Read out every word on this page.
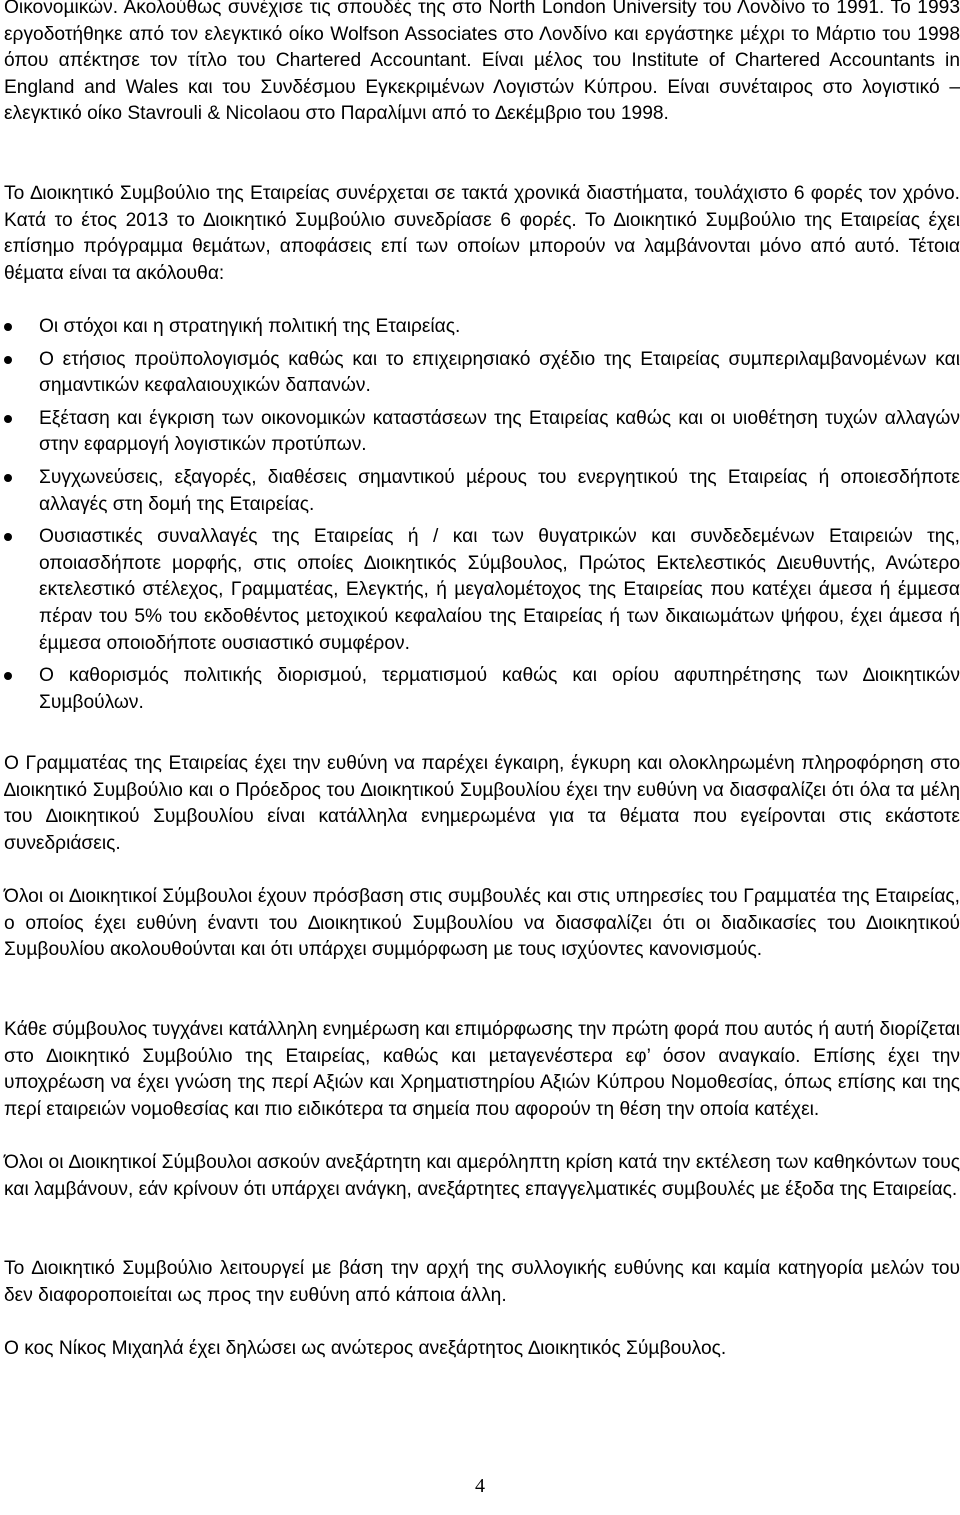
Οικονοµικών. Ακολούθως συνέχισε τις σπουδές της στο North London University του Λονδίνο το 1991. Το 1993 εργοδοτήθηκε από τον ελεγκτικό οίκο Wolfson Associates στο Λονδίνο και εργάστηκε µέχρι το Μάρτιο του 1998 όπου απέκτησε τον τίτλο του Chartered Accountant. Είναι µέλος του Institute of Chartered Accountants in England and Wales και του Συνδέσµου Εγκεκριµένων Λογιστών Κύπρου. Είναι συνέταιρος στο λογιστικό – ελεγκτικό οίκο Stavrouli & Nicolaou στο Παραλίµνι από το ∆εκέµβριο του 1998.

Το ∆ιοικητικό Συµβούλιο της Εταιρείας συνέρχεται σε τακτά χρονικά διαστήµατα, τουλάχιστο 6 φορές τον χρόνο. Κατά το έτος 2013 το ∆ιοικητικό Συµβούλιο συνεδρίασε 6 φορές. Το ∆ιοικητικό Συµβούλιο της Εταιρείας έχει επίσηµο πρόγραµµα θεµάτων, αποφάσεις επί των οποίων µπορούν να λαµβάνονται µόνο από αυτό. Τέτοια θέµατα είναι τα ακόλουθα:

Οι στόχοι και η στρατηγική πολιτική της Εταιρείας.
Ο ετήσιος προϋπολογισµός καθώς και το επιχειρησιακό σχέδιο της Εταιρείας συµπεριλαµβανοµένων και σηµαντικών κεφαλαιουχικών δαπανών.
Εξέταση και έγκριση των οικονοµικών καταστάσεων της Εταιρείας καθώς και οι υιοθέτηση τυχών αλλαγών στην εφαρµογή λογιστικών προτύπων.
Συγχωνεύσεις, εξαγορές, διαθέσεις σηµαντικού µέρους του ενεργητικού της Εταιρείας ή οποιεσδήποτε αλλαγές στη δοµή της Εταιρείας.
Ουσιαστικές συναλλαγές της Εταιρείας ή / και των θυγατρικών και συνδεδεµένων Εταιρειών της, οποιασδήποτε µορφής, στις οποίες ∆ιοικητικός Σύµβουλος, Πρώτος Εκτελεστικός ∆ιευθυντής, Ανώτερο εκτελεστικό στέλεχος, Γραµµατέας, Ελεγκτής, ή µεγαλοµέτοχος της Εταιρείας που κατέχει άµεσα ή έµµεσα πέραν του 5% του εκδοθέντος µετοχικού κεφαλαίου της Εταιρείας ή των δικαιωµάτων ψήφου, έχει άµεσα ή έµµεσα οποιοδήποτε ουσιαστικό συµφέρον.
Ο καθορισµός πολιτικής διορισµού, τερµατισµού καθώς και ορίου αφυπηρέτησης των ∆ιοικητικών Συµβούλων.

Ο Γραµµατέας της Εταιρείας έχει την ευθύνη να παρέχει έγκαιρη, έγκυρη και ολοκληρωµένη πληροφόρηση στο ∆ιοικητικό Συµβούλιο και ο Πρόεδρος του ∆ιοικητικού Συµβουλίου έχει την ευθύνη να διασφαλίζει ότι όλα τα µέλη του ∆ιοικητικού Συµβουλίου είναι κατάλληλα ενηµερωµένα για τα θέµατα που εγείρονται στις εκάστοτε συνεδριάσεις.

Όλοι οι ∆ιοικητικοί Σύµβουλοι έχουν πρόσβαση στις συµβουλές και στις υπηρεσίες του Γραµµατέα της Εταιρείας, ο οποίος έχει ευθύνη έναντι του ∆ιοικητικού Συµβουλίου να διασφαλίζει ότι οι διαδικασίες του ∆ιοικητικού Συµβουλίου ακολουθούνται και ότι υπάρχει συµµόρφωση µε τους ισχύοντες κανονισµούς.

Κάθε σύµβουλος τυγχάνει κατάλληλη ενηµέρωση και επιµόρφωσης την πρώτη φορά που αυτός ή αυτή διορίζεται στο ∆ιοικητικό Συµβούλιο της Εταιρείας, καθώς και µεταγενέστερα εφ’ όσον αναγκαίο. Επίσης έχει την υποχρέωση να έχει γνώση της περί Αξιών και Χρηµατιστηρίου Αξιών Κύπρου Νοµοθεσίας, όπως επίσης και της περί εταιρειών νοµοθεσίας και πιο ειδικότερα τα σηµεία που αφορούν τη θέση την οποία κατέχει.

Όλοι οι ∆ιοικητικοί Σύµβουλοι ασκούν ανεξάρτητη και αµερόληπτη κρίση κατά την εκτέλεση των καθηκόντων τους και λαµβάνουν, εάν κρίνουν ότι υπάρχει ανάγκη, ανεξάρτητες επαγγελµατικές συµβουλές µε έξοδα της Εταιρείας.

Το ∆ιοικητικό Συµβούλιο λειτουργεί µε βάση την αρχή της συλλογικής ευθύνης και καµία κατηγορία µελών του δεν διαφοροποιείται ως προς την ευθύνη από κάποια άλλη.

Ο κος Νίκος Μιχαηλά έχει δηλώσει ως ανώτερος ανεξάρτητος ∆ιοικητικός Σύµβουλος.

4
